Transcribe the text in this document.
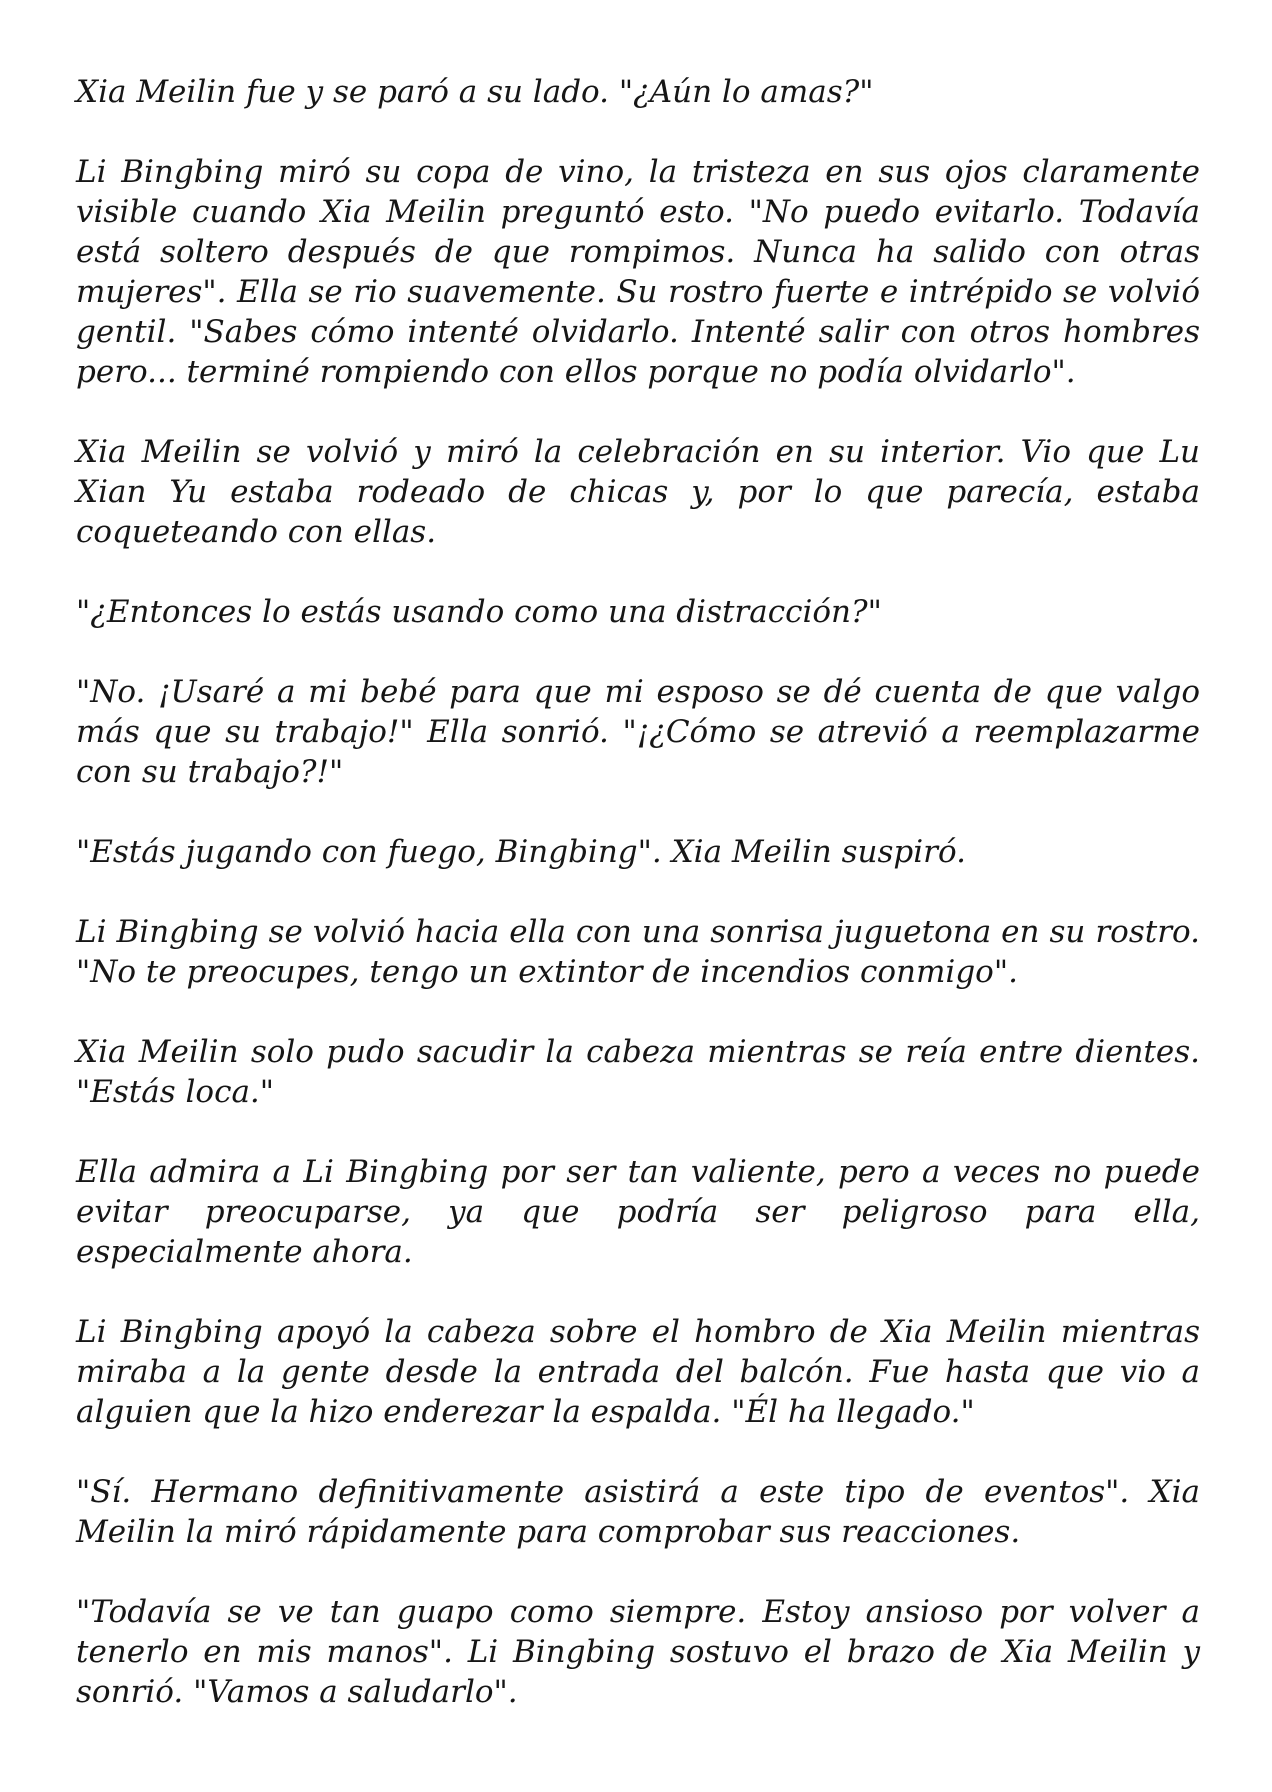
Xia Meilin fue y se paró a su lado. "¿Aún lo amas?"

Li Bingbing miró su copa de vino, la tristeza en sus ojos claramente visible cuando Xia Meilin preguntó esto. "No puedo evitarlo. Todavía está soltero después de que rompimos. Nunca ha salido con otras mujeres". Ella se rio suavemente. Su rostro fuerte e intrépido se volvió gentil. "Sabes cómo intenté olvidarlo. Intenté salir con otros hombres pero... terminé rompiendo con ellos porque no podía olvidarlo".

Xia Meilin se volvió y miró la celebración en su interior. Vio que Lu Xian Yu estaba rodeado de chicas y, por lo que parecía, estaba coqueteando con ellas.

"¿Entonces lo estás usando como una distracción?"

"No. ¡Usaré a mi bebé para que mi esposo se dé cuenta de que valgo más que su trabajo!" Ella sonrió. "¡¿Cómo se atrevió a reemplazarme con su trabajo?!"

"Estás jugando con fuego, Bingbing". Xia Meilin suspiró.

Li Bingbing se volvió hacia ella con una sonrisa juguetona en su rostro. "No te preocupes, tengo un extintor de incendios conmigo".

Xia Meilin solo pudo sacudir la cabeza mientras se reía entre dientes. "Estás loca."

Ella admira a Li Bingbing por ser tan valiente, pero a veces no puede evitar preocuparse, ya que podría ser peligroso para ella, especialmente ahora.

Li Bingbing apoyó la cabeza sobre el hombro de Xia Meilin mientras miraba a la gente desde la entrada del balcón. Fue hasta que vio a alguien que la hizo enderezar la espalda. "Él ha llegado."

"Sí. Hermano definitivamente asistirá a este tipo de eventos". Xia Meilin la miró rápidamente para comprobar sus reacciones.

"Todavía se ve tan guapo como siempre. Estoy ansioso por volver a tenerlo en mis manos". Li Bingbing sostuvo el brazo de Xia Meilin y sonrió. "Vamos a saludarlo".
